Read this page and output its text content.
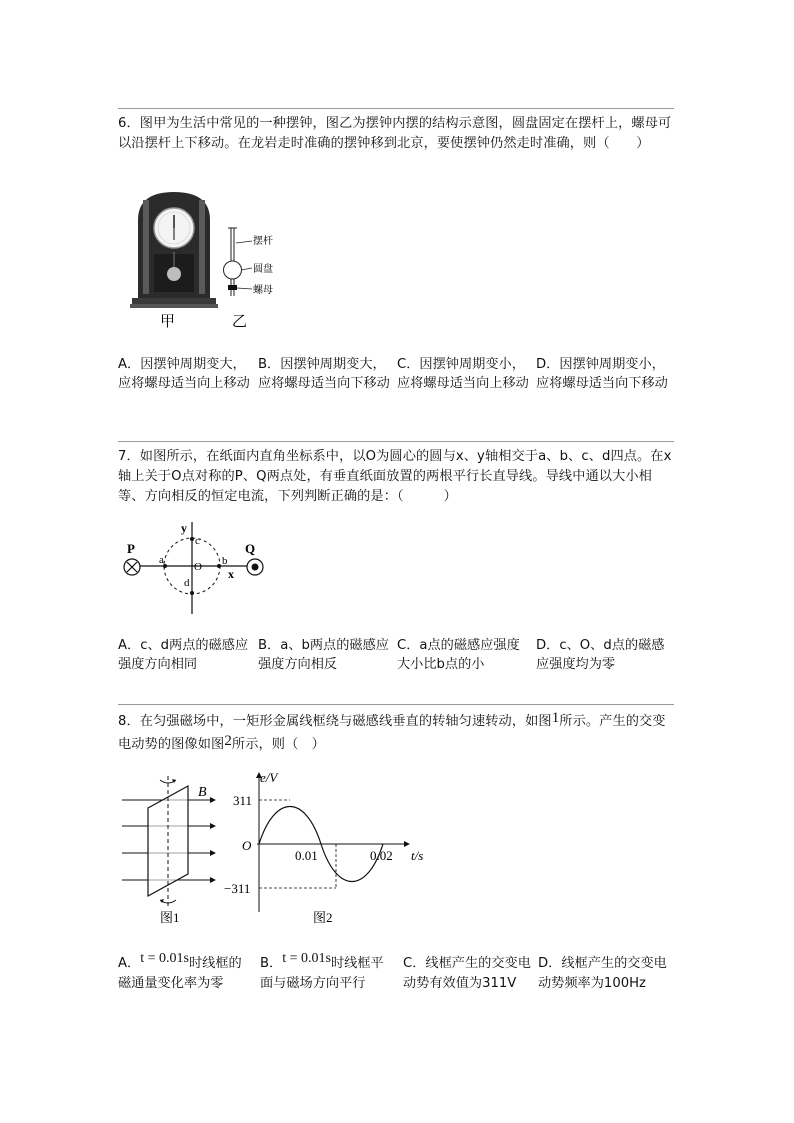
6．图甲为生活中常见的一种摆钟，图乙为摆钟内摆的结构示意图，圆盘固定在摆杆上，螺母可以沿摆杆上下移动。在龙岩走时准确的摆钟移到北京，要使摆钟仍然走时准确，则（　　）
摆杆
圆盘
螺母
甲	乙
A．因摆钟周期变大，应将螺母适当向上移动
B．因摆钟周期变大，应将螺母适当向下移动
C．因摆钟周期变小，应将螺母适当向上移动
D．因摆钟周期变小，应将螺母适当向下移动
7．如图所示，在纸面内直角坐标系中，以O为圆心的圆与x、y轴相交于a、b、c、d四点。在x轴上关于O点对称的P、Q两点处，有垂直纸面放置的两根平行长直导线。导线中通以大小相等、方向相反的恒定电流，下列判断正确的是：（　　　）
P	Q
a	b
c
d
O x
y
A．c、d两点的磁感应强度方向相同
B．a、b两点的磁感应强度方向相反
C．a点的磁感应强度大小比b点的小
D．c、O、d点的磁感应强度均为零
8．在匀强磁场中，一矩形金属线框绕与磁感线垂直的转轴匀速转动，如图1所示。产生的交变电动势的图像如图2所示，则（　）
B
图1
e/V
t/s
O
311
−311
0.01	0.02
图2
A．t = 0.01s时线框的磁通量变化率为零
B．t = 0.01s时线框平面与磁场方向平行
C．线框产生的交变电动势有效值为311V
D．线框产生的交变电动势频率为100Hz
